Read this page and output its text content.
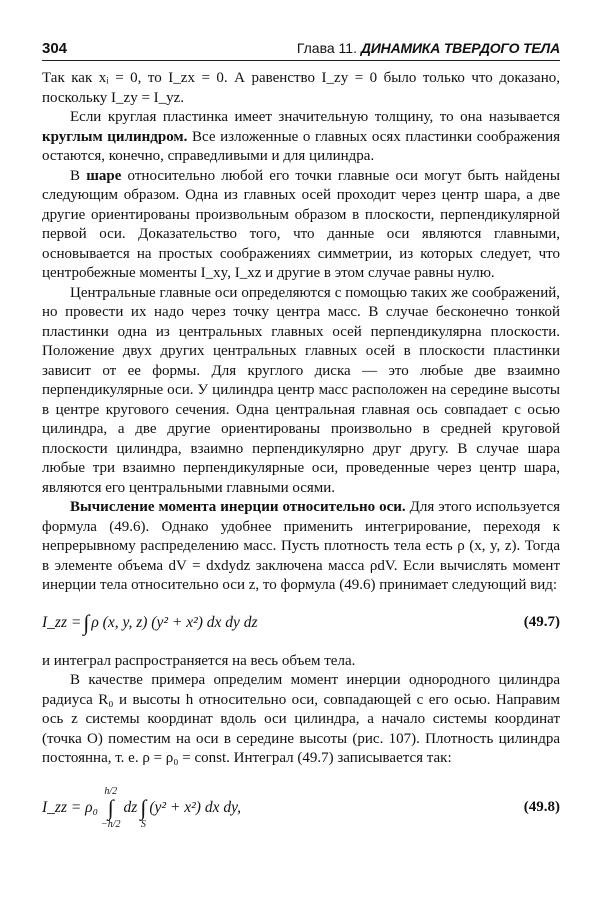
304	Глава 11. ДИНАМИКА ТВЕРДОГО ТЕЛА

Так как xᵢ = 0, то I_zx = 0. А равенство I_zy = 0 было только что доказано, поскольку I_zy = I_yz.

Если круглая пластинка имеет значительную толщину, то она называется круглым цилиндром. Все изложенные о главных осях пластинки соображения остаются, конечно, справедливыми и для цилиндра.

В шаре относительно любой его точки главные оси могут быть найдены следующим образом. Одна из главных осей проходит через центр шара, а две другие ориентированы произвольным образом в плоскости, перпендикулярной первой оси. Доказательство того, что данные оси являются главными, основывается на простых соображениях симметрии, из которых следует, что центробежные моменты I_xy, I_xz и другие в этом случае равны нулю.

Центральные главные оси определяются с помощью таких же соображений, но провести их надо через точку центра масс. В случае бесконечно тонкой пластинки одна из центральных главных осей перпендикулярна плоскости. Положение двух других центральных главных осей в плоскости пластинки зависит от ее формы. Для круглого диска — это любые две взаимно перпендикулярные оси. У цилиндра центр масс расположен на середине высоты в центре кругового сечения. Одна центральная главная ось совпадает с осью цилиндра, а две другие ориентированы произвольно в средней круговой плоскости цилиндра, взаимно перпендикулярно друг другу. В случае шара любые три взаимно перпендикулярные оси, проведенные через центр шара, являются его центральными главными осями.

Вычисление момента инерции относительно оси. Для этого используется формула (49.6). Однако удобнее применить интегрирование, переходя к непрерывному распределению масс. Пусть плотность тела есть ρ (x, y, z). Тогда в элементе объема dV = dxdydz заключена масса ρdV. Если вычислять момент инерции тела относительно оси z, то формула (49.6) принимает следующий вид:

I_zz = ∫ ρ (x, y, z) (y² + x²) dx dy dz	(49.7)

и интеграл распространяется на весь объем тела.

В качестве примера определим момент инерции однородного цилиндра радиуса R₀ и высоты h относительно оси, совпадающей с его осью. Направим ось z системы координат вдоль оси цилиндра, а начало системы координат (точка O) поместим на оси в середине высоты (рис. 107). Плотность цилиндра постоянна, т. е. ρ = ρ₀ = const. Интеграл (49.7) записывается так:

I_zz = ρ₀
h/2
∫
−h/2
dz
∫
S
(y² + x²) dx dy,	(49.8)
